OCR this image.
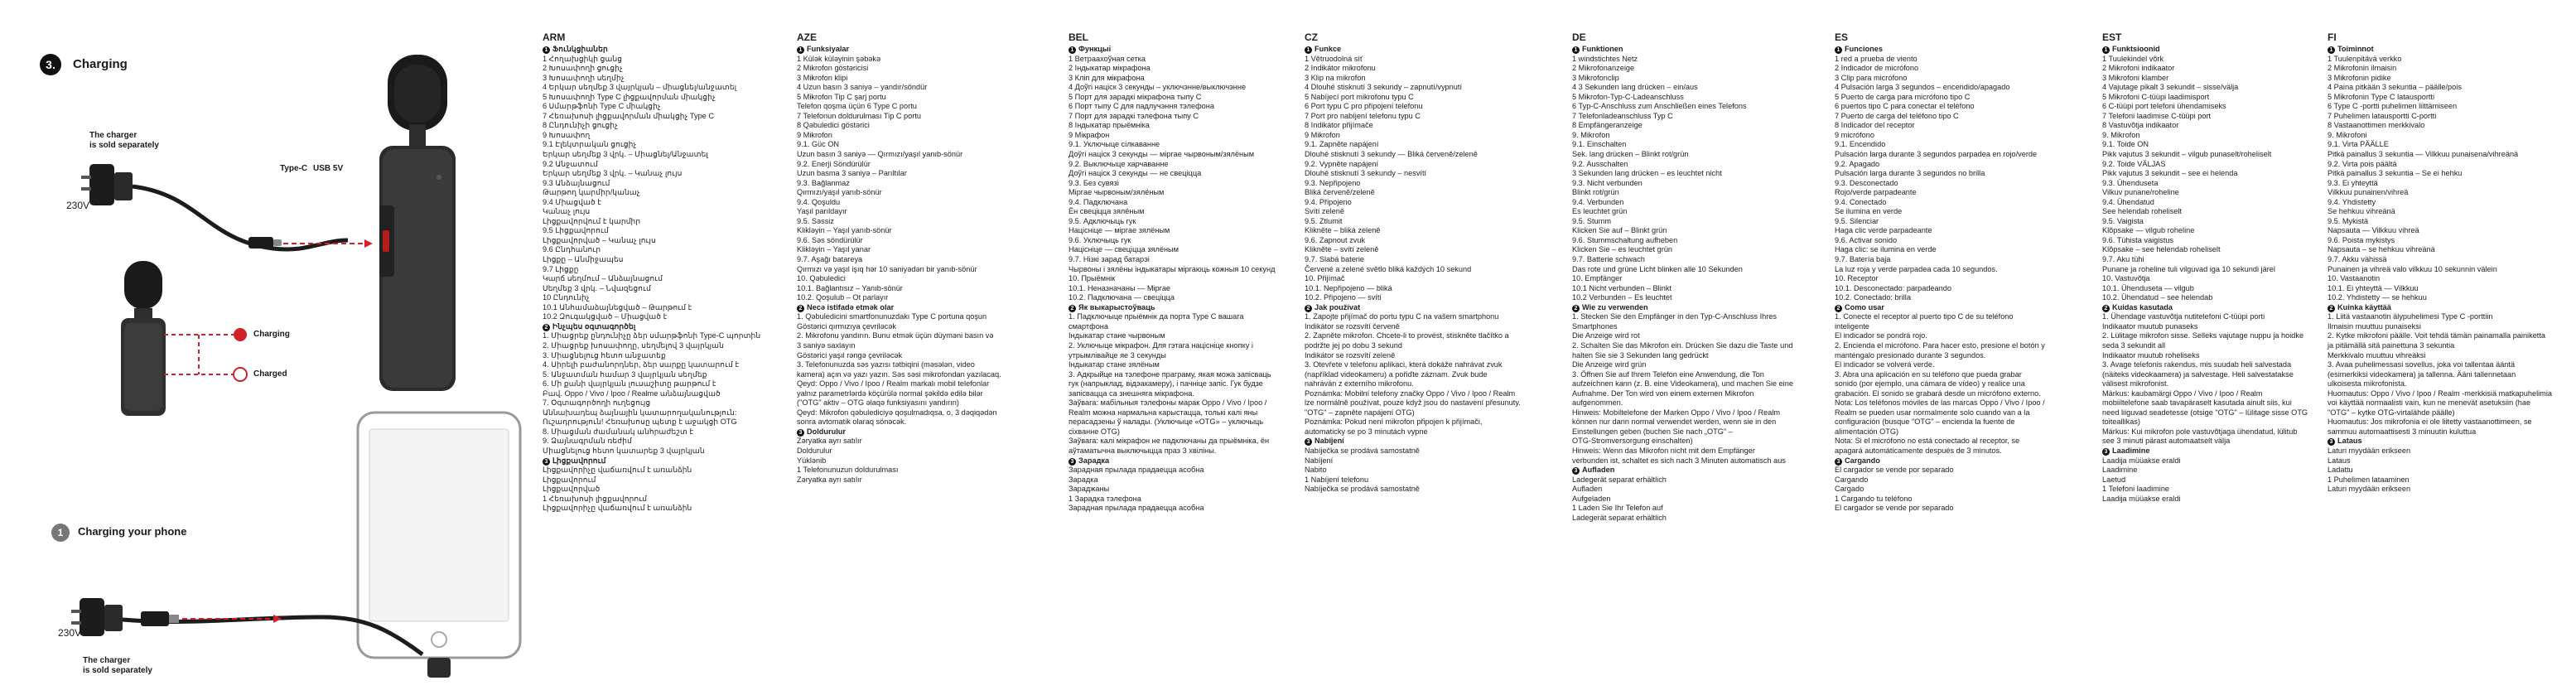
3.	Charging
The charger
is sold separately
230V
Type-C USB 5V
Charging
Charged
1	Charging your phone
230V
The charger
is sold separately
ARM
1 Ֆունկցիաներ
1 Հողախցիկի ցանց
2 Խոսափողի ցուցիչ
3 Խոսափողի սեղմիչ
4 Երկար սեղմեք 3 վայրկյան – միացնել/անջատել
5 Խոսափողի Type C լիցքավորման միակցիչ
6 Սմարթֆոնի Type C միակցիչ
7 Հեռախոսի լիցքավորման միակցիչ Type C
8 Ընդունիչի ցուցիչ
9 Խոսափող
9.1 Էլեկտրական ցուցիչ
Երկար սեղմեք 3 վրկ. – Միացնել/Անջատել
9.2 Անջատում
Երկար սեղմեք 3 վրկ. – Կանաչ լույս
9.3 Անձայնացում
Թարթող կարմիր/կանաչ
9.4 Միացված է
Կանաչ լույս
Լիցքավորվում է կարմիր
9.5 Լիցքավորում
Լիցքավորված – Կանաչ լույս
9.6 Ընդհանուր
Լիցքը – Անմիջապես
9.7 Լիցքը
Կարճ սեղմում – Անձայնացում
Սեղմեք 3 վրկ. – Նվազեցում
10 Ընդունիչ
10.1 Անհամաձայնեցված – Թարթում է
10.2 Զուգակցված – Միացված է
2 Ինչպես օգտագործել
1. Միացրեք ընդունիչը ձեր սմարթֆոնի Type-C պորտին
2. Միացրեք խոսափողը, սեղմելով 3 վայրկյան
3. Միացնելուց հետո անջատեք
4. Սիրելի բաժանորդներ, ձեր սարքը կատարում է
5. Անջատման համար 3 վայրկյան սեղմեք
6. Մի քանի վայրկյան լուսաշիտը թարթում է
Բավ. Oppo / Vivo / Ipoo / Realme անձայնացված
7. Օգտագործողի ուղեցույց
Աննախադեպ ձայնային կատարողականություն:
Ուշադրություն! Հեռախոսը պետք է աջակցի OTG
8. Միացման ժամանակ անհրաժեշտ է
9. Ձայնագրման ռեժիմ
Միացնելուց հետո կատարեք 3 վայրկյան
3 Լիցքավորում
Լիցքավորիչը վաճառվում է առանձին
Լիցքավորում
Լիցքավորված
1 Հեռախոսի լիցքավորում
Լիցքավորիչը վաճառվում է առանձին
AZE
1 Funksiyalar
1 Külək küləyinin şəbəkə
2 Mikrofon göstəricisi
3 Mikrofon klipi
4 Uzun basın 3 saniyə – yandır/söndür
5 Mikrofon Tip C şarj portu
Telefon qoşma üçün 6 Type C portu
7 Telefonun doldurulması Tip C portu
8 Qəbuledici göstərici
9 Mikrofon
9.1. Güc ON
Uzun basın 3 saniyə — Qırmızı/yaşıl yanıb-sönür
9.2. Enerji Söndürülür
Uzun basma 3 saniyə – Parıltılar
9.3. Bağlanmaz
Qırmızı/yaşıl yanıb-sönür
9.4. Qoşuldu
Yaşıl parıldayır
9.5. Səssiz
Klikləyin – Yaşıl yanıb-sönür
9.6. Səs söndürülür
Klikləyin – Yaşıl yanar
9.7. Aşağı batareya
Qırmızı və yaşıl işıq hər 10 saniyədən bir yanıb-sönür
10. Qəbuledici
10.1. Bağlantısız – Yanıb-sönür
10.2. Qoşulub – Ot parlayır
2 Necə istifadə etmək olar
1. Qəbuledicini smartfonunuzdakı Type C portuna qoşun
Göstərici qırmızıya çevriləcək
2. Mikrofonu yandırın. Bunu etmək üçün düyməni basın və
3 saniyə saxlayın
Göstərici yaşıl rəngə çevrilə​cək
3. Telefonunuzda səs yazısı tətbiqini (məsələn, video
kamera) açın və yazı yazın. Səs səsi mikrofondan yazılacaq.
Qeyd: Oppo / Vivo / Ipoo / Realm markalı mobil telefonlar
yalnız parametrlərdə köçürülə normal şəkildə edilə bilər
("OTG" aktiv – OTG əlaqə funksiyasını yandırın)
Qeyd: Mikrofon qəbulediciyə qoşulmadıqsa, o, 3 dəqiqədən
sonra avtomatik olaraq sönəcək.
3 Doldurulur
Zəryatka ayrı satılır
Doldurulur
Yüklənib
1 Telefonunuzun doldurulması
Zəryatka ayrı satılır
BEL
1 Функцыі
1 Ветраахоўная сетка
2 Індыкатар мікрафона
3 Кліп для мікрафона
4 Доўгі націск 3 секунды – уключэнне/выключэнне
5 Порт для зарадкі мікрафона тыпу С
6 Порт тыпу С для падлучэння тэлефона
7 Порт для зарадкі тэлефона тыпу С
8 Індыкатар прыёмніка
9 Мікрафон
9.1. Уключыце сілкаванне
Доўгі націск 3 секунды — міргае чырвоным/зялёным
9.2. Выключыце харчаванне
Доўгі націск 3 секунды — не свеціцца
9.3. Без сувязі
Міргае чырвоным/зялёным
9.4. Падключана
Ён свеціцца зялёным
9.5. Адключыць гук
Націсніце — міргае зялёным
9.6. Уключыць гук
Націсніце — свеціцца зялёным
9.7. Нізкі зарад батарэі
Чырвоны і зялёны індыкатары міргаюць кожныя 10 секунд
10. Прыёмнік
10.1. Неназначаны — Міргае
10.2. Падключана — свеціцца
2 Як выкарыстоўваць
1. Падключыце прыёмнік да порта Type C вашага
смартфона
Індыкатар стане чырвоным
2. Уключыце мікрафон. Для гэтага націсніце кнопку і
утрымлівайце яе 3 секунды
Індыкатар стане зялёным
3. Адкрыйце на тэлефоне праграму, якая можа запісваць
гук (напрыклад, відэакамеру), і пачніце запіс. Гук будзе
запісвацца са знешняга мікрафона.
Заўвага: мабільныя тэлефоны марак Oppo / Vivo / Ipoo /
Realm можна нармальна карыстацца, толькі калі яны
перасадзены ў налады. (Уключыце «OTG» – уключыць
сіхванне OTG)
Заўвага: калі мікрафон не падключаны да прыёмніка, ён
аўтаматычна выключыцца праз 3 хвіліны.
3 Зарадка
Зарадная прылада прадаецца асобна
Зарадка
Зараджаны
1 Зарадка тэлефона
Зарадная прылада прадаецца асобна
CZ
1 Funkce
1 Větruodolná síť
2 Indikátor mikrofonu
3 Klip na mikrofon
4 Dlouhé stisknutí 3 sekundy – zapnutí/vypnutí
5 Nabíjecí port mikrofonu typu C
6 Port typu C pro připojení telefonu
7 Port pro nabíjení telefonu typu C
8 Indikátor přijímače
9 Mikrofon
9.1. Zapněte napájení
Dlouhé stisknutí 3 sekundy — Bliká červeně/zeleně
9.2. Vypněte napájení
Dlouhé stisknutí 3 sekundy – nesvítí
9.3. Nepřipojeno
Bliká červeně/zeleně
9.4. Připojeno
Svítí zeleně
9.5. Ztlumit
Klikněte – bliká zeleně
9.6. Zapnout zvuk
Klikněte – svítí zeleně
9.7. Slabá baterie
Červené a zelené světlo bliká každých 10 sekund
10. Přijímač
10.1. Nepřipojeno — bliká
10.2. Připojeno — svítí
2 Jak používat
1. Zapojte přijímač do portu typu C na vašem smartphonu
Indikátor se rozsvítí červeně
2. Zapněte mikrofon. Chcete-li to provést, stiskněte tlačítko a
podržte jej po dobu 3 sekund
Indikátor se rozsvítí zeleně
3. Otevřete v telefonu aplikaci, která dokáže nahrávat zvuk
(například videokameru) a pořiďte záznam. Zvuk bude
nahráván z externího mikrofonu.
Poznámka: Mobilní telefony značky Oppo / Vivo / Ipoo / Realm
lze normálně používat, pouze když jsou do nastavení přesunuty.
"OTG" – zapněte napájení OTG)
Poznámka: Pokud není mikrofon připojen k přijímači,
automaticky se po 3 minutách vypne
3 Nabíjení
Nabíječka se prodává samostatně
Nabíjení
Nabito
1 Nabíjení telefonu
Nabíječka se prodává samostatně
DE
1 Funktionen
1 windstichtes Netz
2 Mikrofonanzeige
3 Mikrofonclip
4 3 Sekunden lang drücken – ein/aus
5 Mikrofon-Typ-C-Ladeanschluss
6 Typ-C-Anschluss zum Anschließen eines Telefons
7 Telefonladeanschluss Typ C
8 Empfängeranzeige
9. Mikrofon
9.1. Einschalten
Sek. lang drücken – Blinkt rot/grün
9.2. Ausschalten
3 Sekunden lang drücken – es leuchtet nicht
9.3. Nicht verbunden
Blinkt rot/grün
9.4. Verbunden
Es leuchtet grün
9.5. Stumm
Klicken Sie auf – Blinkt grün
9.6. Stummschaltung aufheben
Klicken Sie – es leuchtet grün
9.7. Batterie schwach
Das rote und grüne Licht blinken alle 10 Sekunden
10. Empfänger
10.1 Nicht verbunden – Blinkt
10.2 Verbunden – Es leuchtet
2 Wie zu verwenden
1. Stecken Sie den Empfänger in den Typ-C-Anschluss Ihres
Smartphones
Die Anzeige wird rot
2. Schalten Sie das Mikrofon ein. Drücken Sie dazu die Taste und
halten Sie sie 3 Sekunden lang gedrückt
Die Anzeige wird grün
3. Öffnen Sie auf Ihrem Telefon eine Anwendung, die Ton
aufzeichnen kann (z. B. eine Videokamera), und machen Sie eine
Aufnahme. Der Ton wird von einem externen Mikrofon
aufgenommen.
Hinweis: Mobiltelefone der Marken Oppo / Vivo / Ipoo / Realm
können nur dann normal verwendet werden, wenn sie in den
Einstellungen geben (buchen Sie nach „OTG" –
OTG-Stromversorgung einschalten)
Hinweis: Wenn das Mikrofon nicht mit dem Empfänger
verbunden ist, schaltet es sich nach 3 Minuten automatisch aus
3 Aufladen
Ladegerät separat erhältlich
Aufladen
Aufgeladen
1 Laden Sie Ihr Telefon auf
Ladegerät separat erhältlich
ES
1 Funciones
1 red a prueba de viento
2 Indicador de micrófono
3 Clip para micrófono
4 Pulsación larga 3 segundos – encendido/apagado
5 Puerto de carga para micrófono tipo C
6 puertos tipo C para conectar el teléfono
7 Puerto de carga del teléfono tipo C
8 Indicador del receptor
9 micrófono
9.1. Encendido
Pulsación larga durante 3 segundos parpadea en rojo/verde
9.2. Apagado
Pulsación larga durante 3 segundos no brilla
9.3. Desconectado
Rojo/verde parpadeante
9.4. Conectado
Se ilumina en verde
9.5. Silenciar
Haga clic verde parpadeante
9.6. Activar sonido
Haga clic: se ilumina en verde
9.7. Batería baja
La luz roja y verde parpadea cada 10 segundos.
10. Receptor
10.1. Desconectado: parpadeando
10.2. Conectado: brilla
2 Como usar
1. Conecte el receptor al puerto tipo C de su teléfono
inteligente
El indicador se pondrá rojo.
2. Encienda el micrófono. Para hacer esto, presione el botón y
manténgalo presionado durante 3 segundos.
El indicador se volverá verde.
3. Abra una aplicación en su teléfono que pueda grabar
sonido (por ejemplo, una cámara de vídeo) y realice una
grabación. El sonido se grabará desde un micrófono externo.
Nota: Los teléfonos móviles de las marcas Oppo / Vivo / Ipoo /
Realm se pueden usar normalmente solo cuando van a la
configuración (busque "OTG" – encienda la fuente de
alimentación OTG)
Nota: Si el micrófono no está conectado al receptor, se
apagará automáticamente después de 3 minutos.
3 Cargando
El cargador se vende por separado
Cargando
Cargado
1 Cargando tu teléfono
El cargador se vende por separado
EST
1 Funktsioonid
1 Tuulekindel võrk
2 Mikrofoni indikaator
3 Mikrofoni klamber
4 Vajutage pikalt 3 sekundit – sisse/välja
5 Mikrofoni C-tüüpi laadimisport
6 C-tüüpi port telefoni ühendamiseks
7 Telefoni laadimise C-tüüpi port
8 Vastuvõtja indikaator
9. Mikrofon
9.1. Toide ON
Pikk vajutus 3 sekundit – vilgub punaselt/roheliselt
9.2. Toide VÄLJAS
Pikk vajutus 3 sekundit – see ei helenda
9.3. Ühenduseta
Vilkuv punane/roheline
9.4. Ühendatud
See helendab roheliselt
9.5. Vaigista
Klõpsake — vilgub roheline
9.6. Tühista vaigistus
Klõpsake – see helendab roheliselt
9.7. Aku tühi
Punane ja roheline tuli vilguvad iga 10 sekundi järel
10. Vastuvõtja
10.1. Ühenduseta — vilgub
10.2. Ühendatud – see helendab
2 Kuidas kasutada
1. Ühendage vastuvõtja nutitelefoni C-tüüpi porti
Indikaator muutub punaseks
2. Lülitage mikrofon sisse. Selleks vajutage nuppu ja hoidke
seda 3 sekundit all
Indikaator muutub roheliseks
3. Avage telefonis rakendus, mis suudab heli salvestada
(näiteks videokaamera) ja salvestage. Heli salvestatakse
välisest mikrofonist.
Märkus: kaubamärgi Oppo / Vivo / Ipoo / Realm
mobiiltelefone saab tavapäraselt kasutada ainult siis, kui
need liiguvad seadetesse (otsige "OTG" – lülitage sisse OTG
toiteallikas)
Märkus: Kui mikrofon pole vastuvõtjaga ühendatud, lülitub
see 3 minuti pärast automaatselt välja
3 Laadimine
Laadija müüakse eraldi
Laadimine
Laetud
1 Telefoni laadimine
Laadija müüakse eraldi
FI
1 Toiminnot
1 Tuulenpitävä verkko
2 Mikrofonin ilmaisin
3 Mikrofonin pidike
4 Paina pitkään 3 sekuntia – päälle/pois
5 Mikrofonin Type C latausportti
6 Type C -portti puhelimen liittämiseen
7 Puhelimen latausportti C-portti
8 Vastaanottimen merkkivalo
9. Mikrofoni
9.1. Virta PÄÄLLE
Pitkä painallus 3 sekuntia — Vilkkuu punaisena/vihreänä
9.2. Virta pois päältä
Pitkä painallus 3 sekuntia – Se ei hehku
9.3. Ei yhteyttä
Vilkkuu punainen/vihreä
9.4. Yhdistetty
Se hehkuu vihreänä
9.5. Mykistä
Napsauta — Vilkkuu vihreä
9.6. Poista mykistys
Napsauta – se hehkuu vihreänä
9.7. Akku vähissä
Punainen ja vihreä valo vilkkuu 10 sekunnin välein
10. Vastaanotin
10.1. Ei yhteyttä — Vilkkuu
10.2. Yhdistetty — se hehkuu
2 Kuinka käyttää
1. Liitä vastaanotin älypuhelimesi Type C -porttiin
Ilmaisin muuttuu punaiseksi
2. Kytke mikrofoni päälle. Voit tehdä tämän painamalla painiketta
ja pitämällä sitä painettuna 3 sekuntia
Merkkivalo muuttuu vihreäksi
3. Avaa puhelimessasi sovellus, joka voi tallentaa ääntä
(esimerkiksi videokamera) ja tallenna. Ääni tallennetaan
ulkoisesta mikrofonista.
Huomautus: Oppo / Vivo / Ipoo / Realm -merkkisiä matkapuhelimia
voi käyttää normaalisti vain, kun ne menevät asetuksiin (hae
"OTG" – kytke OTG-virtalähde päälle)
Huomautus: Jos mikrofonia ei ole liitetty vastaanottimeen, se
sammuu automaattisesti 3 minuutin kuluttua
3 Lataus
Laturi myydään erikseen
Lataus
Ladattu
1 Puhelimen lataaminen
Laturi myydään erikseen
